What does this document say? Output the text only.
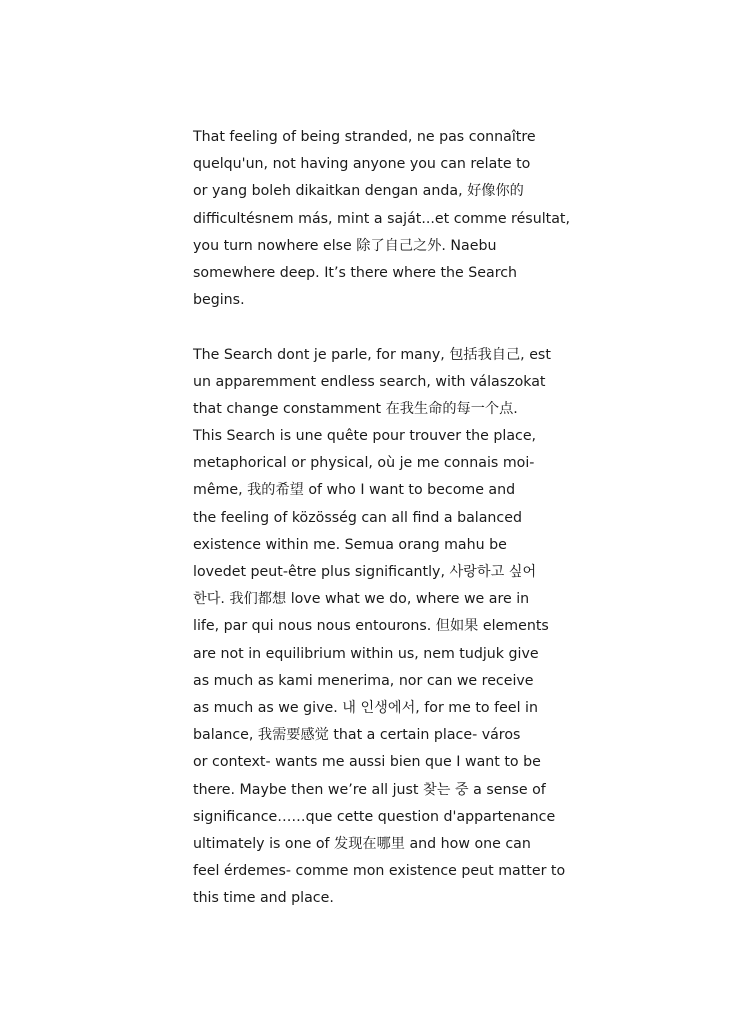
That feeling of being stranded, ne pas connaître
quelqu'un, not having anyone you can relate to
or yang boleh dikaitkan dengan anda, 好像你的
difficultésnem más, mint a saját...et comme résultat,
you turn nowhere else 除了自己之外. Naebu
somewhere deep. It’s there where the Search
begins.
The Search dont je parle, for many, 包括我自己, est
un apparemment endless search, with válaszokat
that change constamment 在我生命的每一个点.
This Search is une quête pour trouver the place,
metaphorical or physical, où je me connais moi-
même, 我的希望 of who I want to become and
the feeling of közösség can all find a balanced
existence within me. Semua orang mahu be
lovedet peut-être plus significantly, 사랑하고 싶어
한다. 我们都想 love what we do, where we are in
life, par qui nous nous entourons. 但如果 elements
are not in equilibrium within us, nem tudjuk give
as much as kami menerima, nor can we receive
as much as we give. 내 인생에서, for me to feel in
balance, 我需要感觉 that a certain place- város
or context- wants me aussi bien que I want to be
there. Maybe then we’re all just 찾는 중 a sense of
significance……que cette question d'appartenance
ultimately is one of 发现在哪里 and how one can
feel érdemes- comme mon existence peut matter to
this time and place.
